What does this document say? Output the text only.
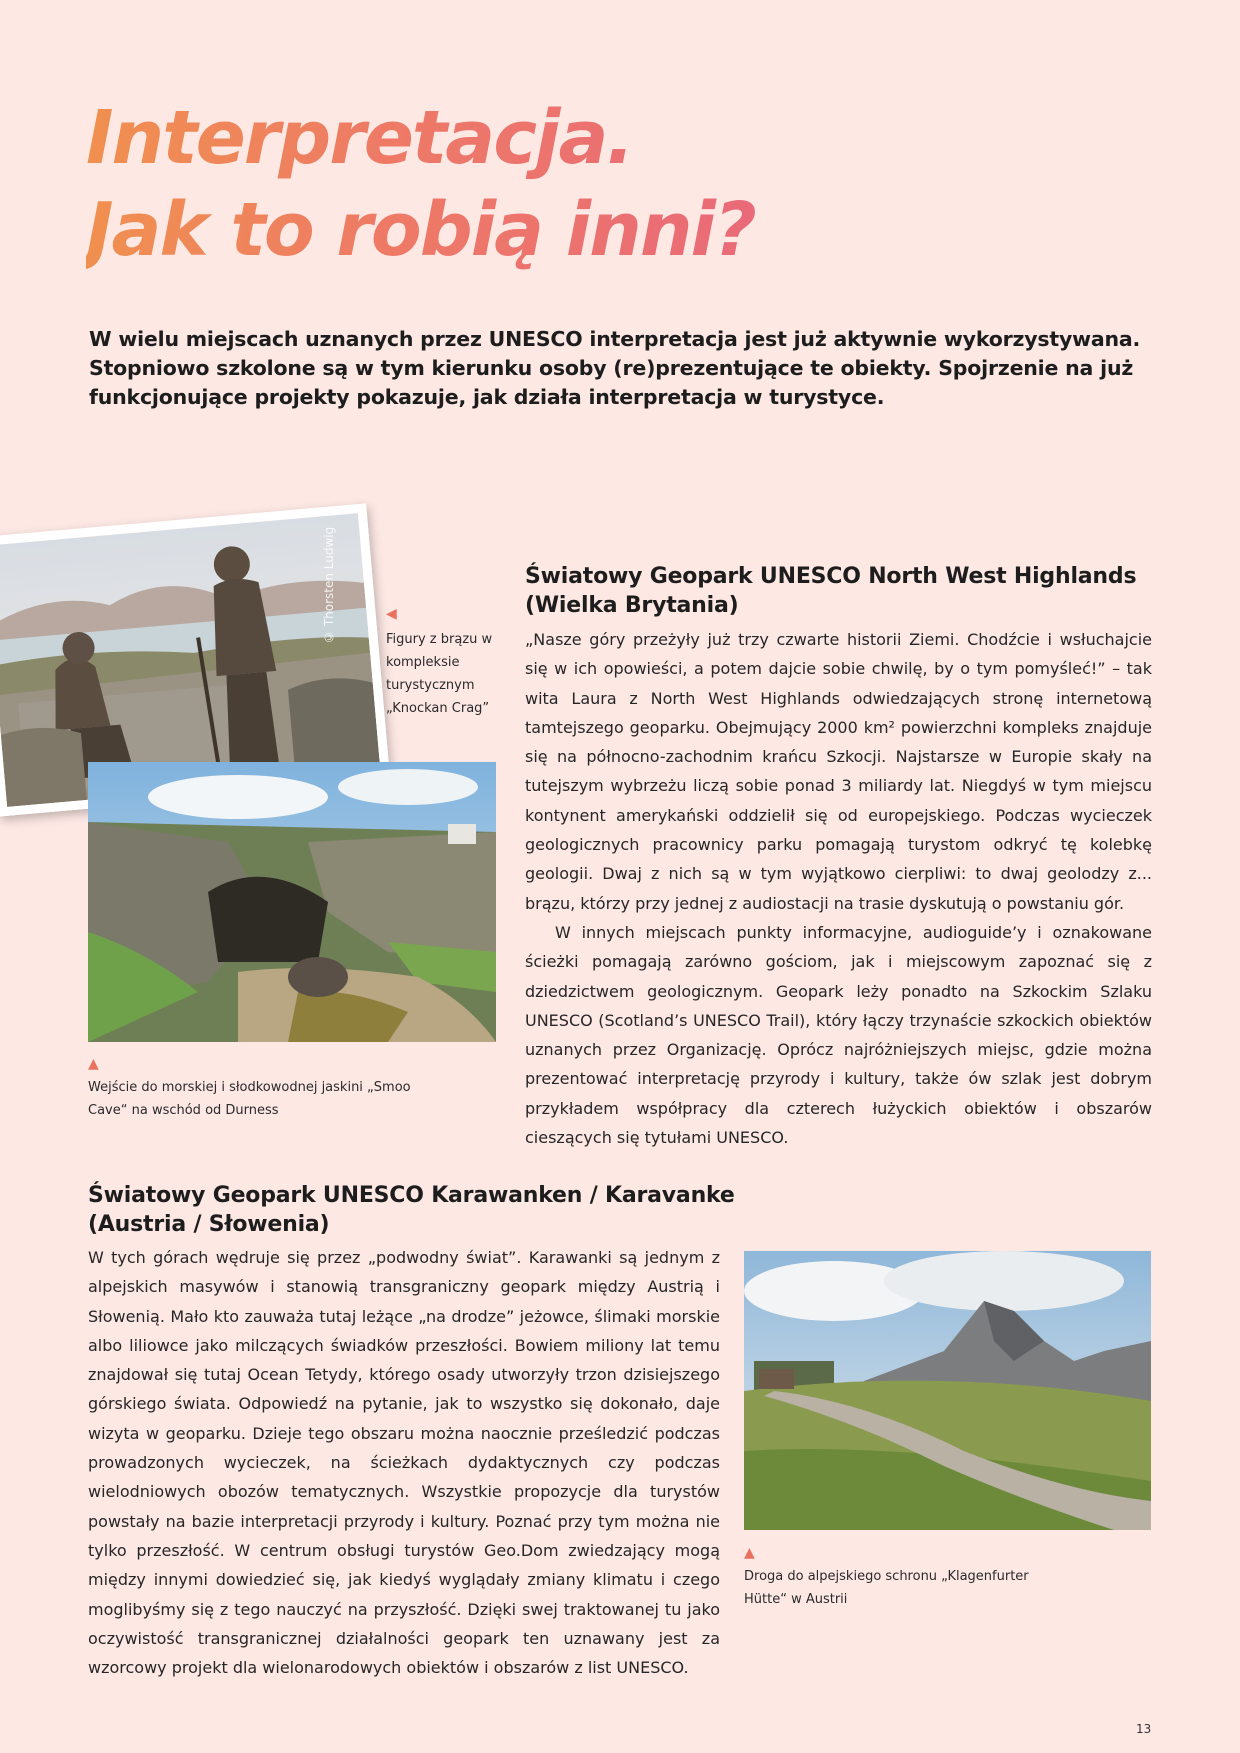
Interpretacja.
Jak to robią inni?

W wielu miejscach uznanych przez UNESCO interpretacja jest już aktywnie wykorzystywana. Stopniowo szkolone są w tym kierunku osoby (re)prezentujące te obiekty. Spojrzenie na już funkcjonujące projekty pokazuje, jak działa interpretacja w turystyce.

© Thorsten Ludwig	◀

Figury z brązu w kompleksie turystycznym „Knockan Crag”

▲

Wejście do morskiej i słodkowodnej jaskini „Smoo Cave“ na wschód od Durness

Światowy Geopark UNESCO North West Highlands
(Wielka Brytania)

„Nasze góry przeżyły już trzy czwarte historii Ziemi. Chodźcie i wsłuchajcie się w ich opowieści, a potem dajcie sobie chwilę, by o tym pomyśleć!” – tak wita Laura z North West Highlands odwiedzających stronę internetową tamtejszego geoparku. Obejmujący 2000 km² powierzchni kompleks znajduje się na północno-zachodnim krańcu Szkocji. Najstarsze w Europie skały na tutejszym wybrzeżu liczą sobie ponad 3 miliardy lat. Niegdyś w tym miejscu kontynent amerykański oddzielił się od europejskiego. Podczas wycieczek geologicznych pracownicy parku pomagają turystom odkryć tę kolebkę geologii. Dwaj z nich są w tym wyjątkowo cierpliwi: to dwaj geolodzy z... brązu, którzy przy jednej z audiostacji na trasie dyskutują o powstaniu gór.
W innych miejscach punkty informacyjne, audioguide’y i oznakowane ścieżki pomagają zarówno gościom, jak i miejscowym zapoznać się z dziedzictwem geologicznym. Geopark leży ponadto na Szkockim Szlaku UNESCO (Scotland’s UNESCO Trail), który łączy trzynaście szkockich obiektów uznanych przez Organizację. Oprócz najróżniejszych miejsc, gdzie można prezentować interpretację przyrody i kultury, także ów szlak jest dobrym przykładem współpracy dla czterech łużyckich obiektów i obszarów cieszących się tytułami UNESCO.

Światowy Geopark UNESCO Karawanken / Karavanke
(Austria / Słowenia)

W tych górach wędruje się przez „podwodny świat”. Karawanki są jednym z alpejskich masywów i stanowią transgraniczny geopark między Austrią i Słowenią. Mało kto zauważa tutaj leżące „na drodze” jeżowce, ślimaki morskie albo liliowce jako milczących świadków przeszłości. Bowiem miliony lat temu znajdował się tutaj Ocean Tetydy, którego osady utworzyły trzon dzisiejszego górskiego świata. Odpowiedź na pytanie, jak to wszystko się dokonało, daje wizyta w geoparku. Dzieje tego obszaru można naocznie prześledzić podczas prowadzonych wycieczek, na ścieżkach dydaktycznych czy podczas wielodniowych obozów tematycznych. Wszystkie propozycje dla turystów powstały na bazie interpretacji przyrody i kultury. Poznać przy tym można nie tylko przeszłość. W centrum obsługi turystów Geo.Dom zwiedzający mogą między innymi dowiedzieć się, jak kiedyś wyglądały zmiany klimatu i czego moglibyśmy się z tego nauczyć na przyszłość. Dzięki swej traktowanej tu jako oczywistość transgranicznej działalności geopark ten uznawany jest za wzorcowy projekt dla wielonarodowych obiektów i obszarów z list UNESCO.

▲

Droga do alpejskiego schronu „Klagenfurter Hütte“ w Austrii

13
